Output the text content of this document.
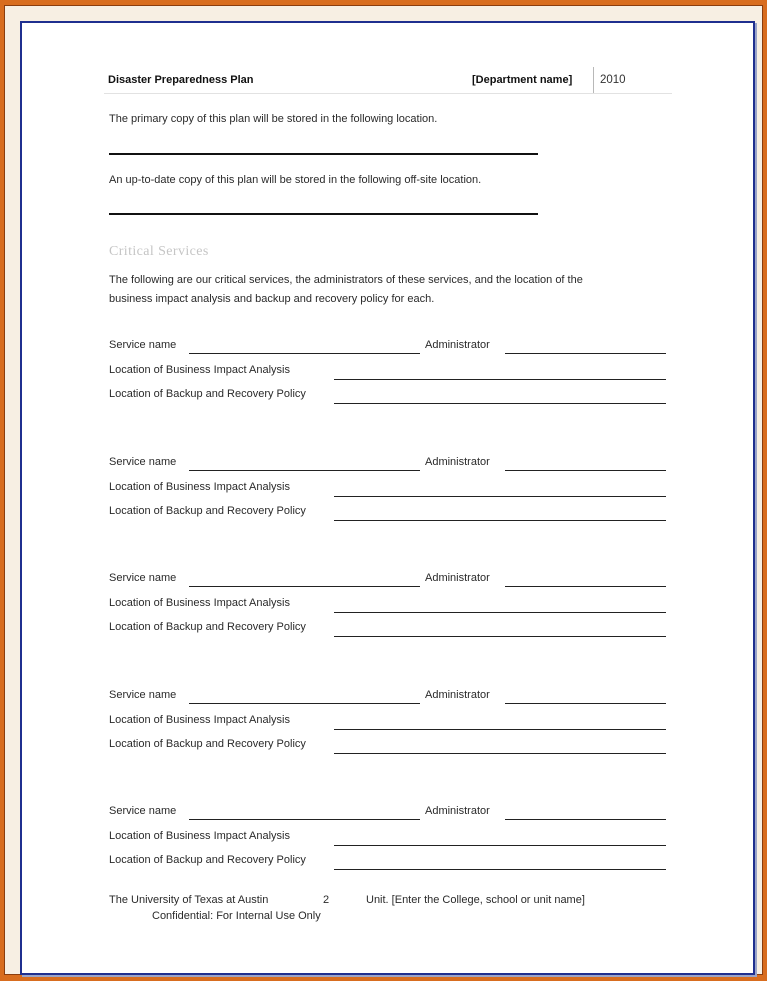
Disaster Preparedness Plan	[Department name] 2010
The primary copy of this plan will be stored in the following location.
An up-to-date copy of this plan will be stored in the following off-site location.
Critical Services
The following are our critical services, the administrators of these services, and the location of the
business impact analysis and backup and recovery policy for each.
Service name	Administrator
Location of Business Impact Analysis
Location of Backup and Recovery Policy
Service name	Administrator
Location of Business Impact Analysis
Location of Backup and Recovery Policy
Service name	Administrator
Location of Business Impact Analysis
Location of Backup and Recovery Policy
Service name	Administrator
Location of Business Impact Analysis
Location of Backup and Recovery Policy
Service name	Administrator
Location of Business Impact Analysis
Location of Backup and Recovery Policy
The University of Texas at Austin	2	Unit. [Enter the College, school or unit name]
Confidential: For Internal Use Only
